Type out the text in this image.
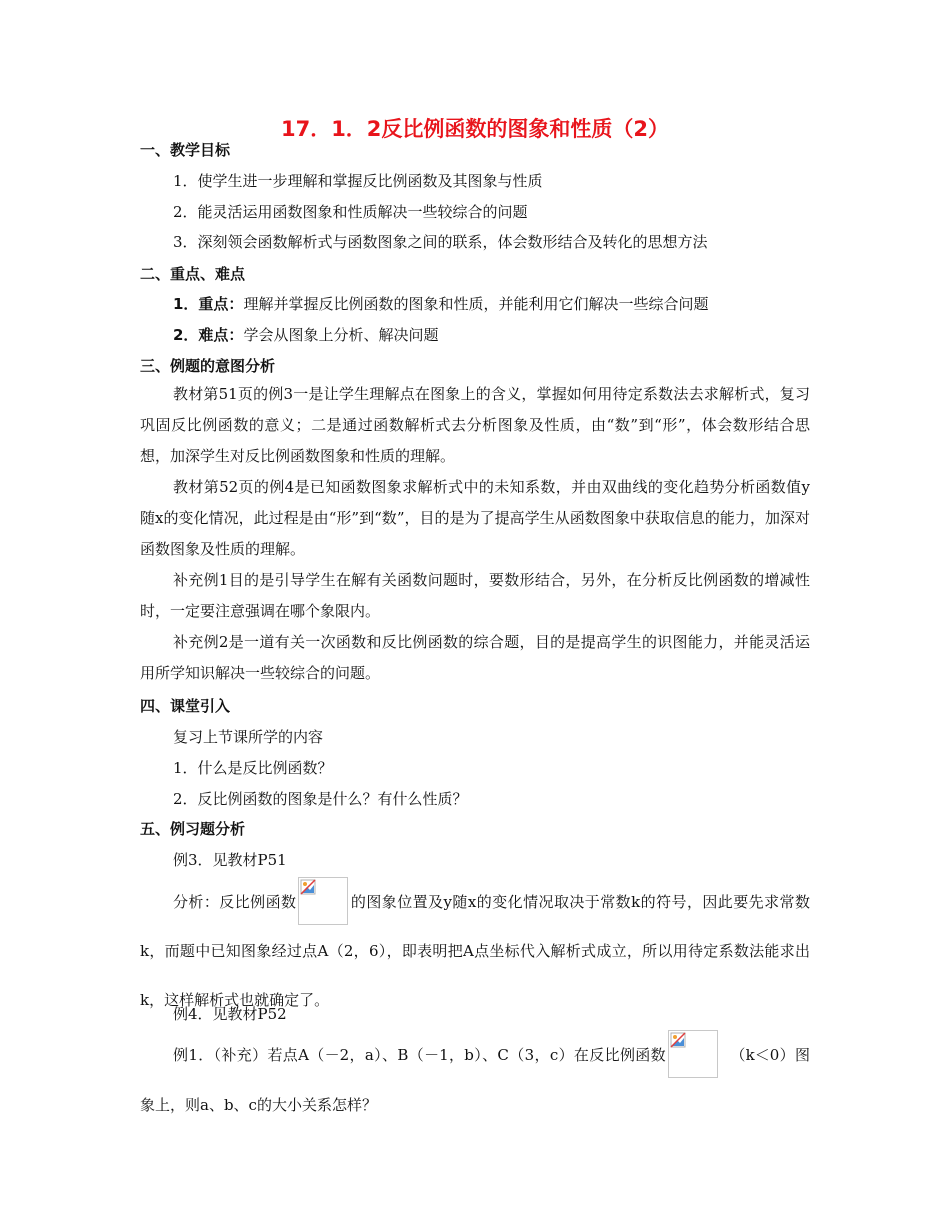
17．1．2反比例函数的图象和性质（2）
一、教学目标
1．使学生进一步理解和掌握反比例函数及其图象与性质
2．能灵活运用函数图象和性质解决一些较综合的问题
3．深刻领会函数解析式与函数图象之间的联系，体会数形结合及转化的思想方法
二、重点、难点
1．重点：理解并掌握反比例函数的图象和性质，并能利用它们解决一些综合问题
2．难点：学会从图象上分析、解决问题
三、例题的意图分析
教材第51页的例3一是让学生理解点在图象上的含义，掌握如何用待定系数法去求解析式，复习巩固反比例函数的意义；二是通过函数解析式去分析图象及性质，由“数”到“形”，体会数形结合思想，加深学生对反比例函数图象和性质的理解。
教材第52页的例4是已知函数图象求解析式中的未知系数，并由双曲线的变化趋势分析函数值y随x的变化情况，此过程是由“形”到“数”，目的是为了提高学生从函数图象中获取信息的能力，加深对函数图象及性质的理解。
补充例1目的是引导学生在解有关函数问题时，要数形结合，另外，在分析反比例函数的增减性时，一定要注意强调在哪个象限内。
补充例2是一道有关一次函数和反比例函数的综合题，目的是提高学生的识图能力，并能灵活运用所学知识解决一些较综合的问题。
四、课堂引入
复习上节课所学的内容
1．什么是反比例函数？
2．反比例函数的图象是什么？有什么性质？
五、例习题分析
例3．见教材P51
分析：反比例函数	的图象位置及y随x的变化情况取决于常数k的符号，因此要先求常数k，而题中已知图象经过点A（2，6），即表明把A点坐标代入解析式成立，所以用待定系数法能求出k，这样解析式也就确定了。
例4．见教材P52
例1．（补充）若点A（－2，a）、B（－1，b）、C（3，c）在反比例函数	（k＜0）图象上，则a、b、c的大小关系怎样？
